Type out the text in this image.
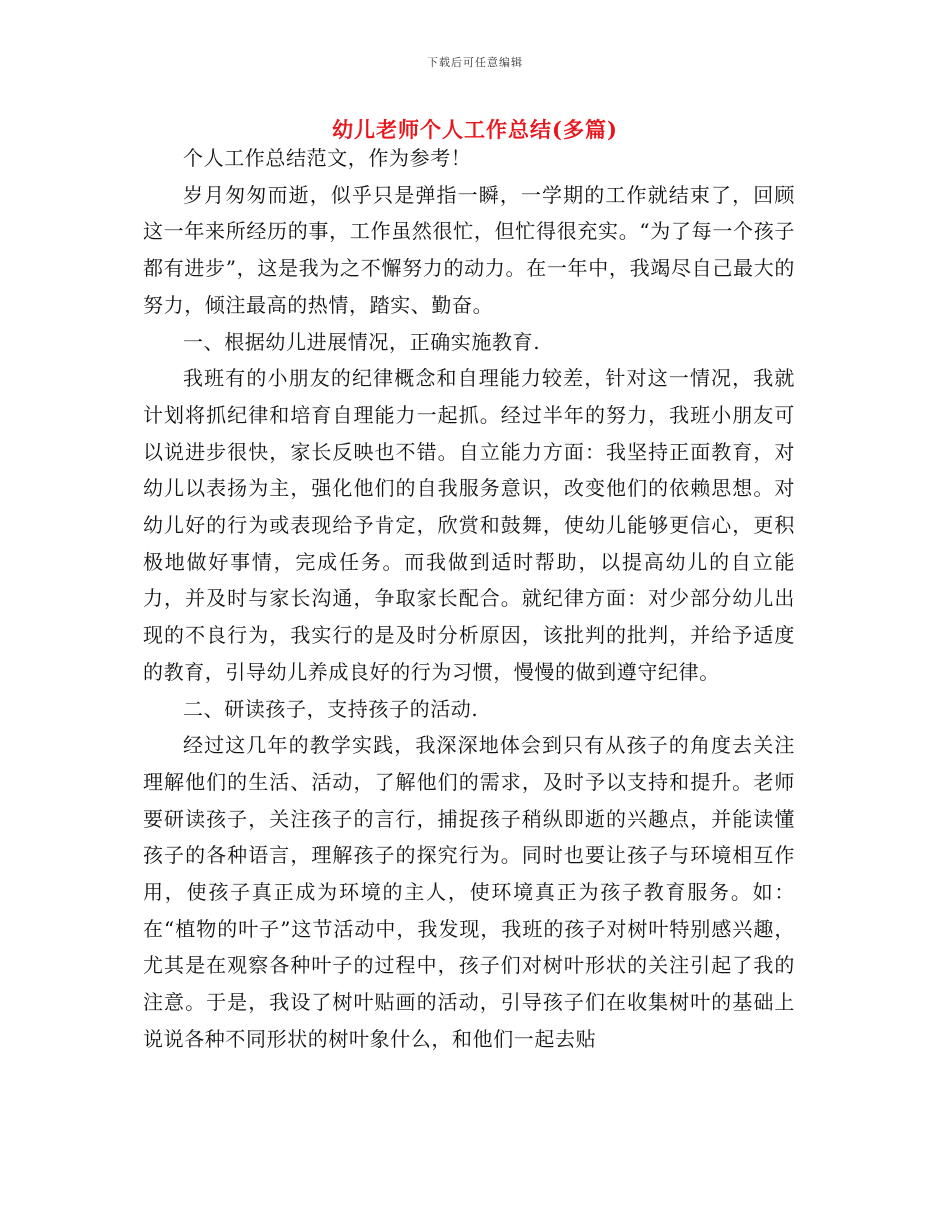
下载后可任意编辑
幼儿老师个人工作总结(多篇)

个人工作总结范文，作为参考！

岁月匆匆而逝，似乎只是弹指一瞬，一学期的工作就结束了，回顾这一年来所经历的事，工作虽然很忙，但忙得很充实。“为了每一个孩子都有进步”，这是我为之不懈努力的动力。在一年中，我竭尽自己最大的努力，倾注最高的热情，踏实、勤奋。

一、根据幼儿进展情况，正确实施教育.

我班有的小朋友的纪律概念和自理能力较差，针对这一情况，我就计划将抓纪律和培育自理能力一起抓。经过半年的努力，我班小朋友可以说进步很快，家长反映也不错。自立能力方面：我坚持正面教育，对幼儿以表扬为主，强化他们的自我服务意识，改变他们的依赖思想。对幼儿好的行为或表现给予肯定，欣赏和鼓舞，使幼儿能够更信心，更积极地做好事情，完成任务。而我做到适时帮助，以提高幼儿的自立能力，并及时与家长沟通，争取家长配合。就纪律方面：对少部分幼儿出现的不良行为，我实行的是及时分析原因，该批判的批判，并给予适度的教育，引导幼儿养成良好的行为习惯，慢慢的做到遵守纪律。

二、研读孩子，支持孩子的活动.

经过这几年的教学实践，我深深地体会到只有从孩子的角度去关注理解他们的生活、活动，了解他们的需求，及时予以支持和提升。老师要研读孩子，关注孩子的言行，捕捉孩子稍纵即逝的兴趣点，并能读懂孩子的各种语言，理解孩子的探究行为。同时也要让孩子与环境相互作用，使孩子真正成为环境的主人，使环境真正为孩子教育服务。如：在“植物的叶子”这节活动中，我发现，我班的孩子对树叶特别感兴趣，尤其是在观察各种叶子的过程中，孩子们对树叶形状的关注引起了我的注意。于是，我设了树叶贴画的活动，引导孩子们在收集树叶的基础上说说各种不同形状的树叶象什么，和他们一起去贴
